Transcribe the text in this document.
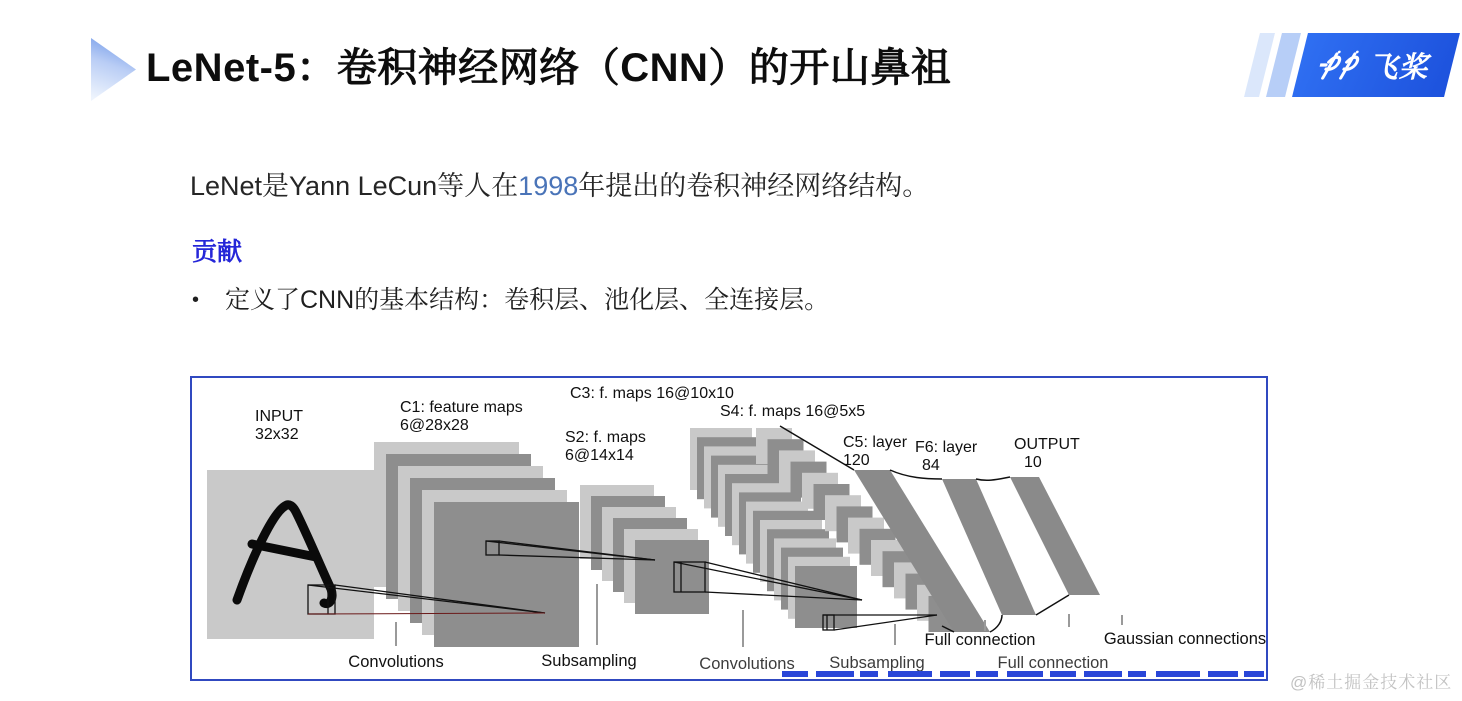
LeNet-5：卷积神经网络（CNN）的开山鼻祖	飞桨

LeNet是Yann LeCun等人在1998年提出的卷积神经网络结构。

贡献
• 定义了CNN的基本结构：卷积层、池化层、全连接层。
INPUT
32x32
C1: feature maps
6@28x28
S2: f. maps
6@14x14
C3: f. maps 16@10x10
S4: f. maps 16@5x5
C5: layer
120
F6: layer
84
OUTPUT
10
Convolutions	Subsampling	Convolutions Subsampling
Full connection
Full connection
Gaussian connections
@稀土掘金技术社区
